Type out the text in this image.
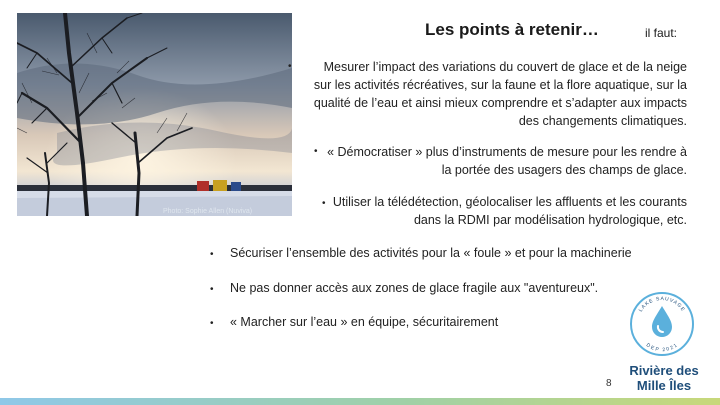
Photo: Sophie Allen (Nuviva)
Les points à retenir…	il faut:
•	Mesurer l’impact des variations du couvert de glace et de la neige sur les activités récréatives, sur la faune et la flore aquatique, sur la qualité de l’eau et ainsi mieux comprendre et s’adapter aux impacts des changements climatiques.
• « Démocratiser » plus d’instruments de mesure pour les rendre à la portée des usagers des champs de glace.
• Utiliser la télédétection, géolocaliser les affluents et les courants dans la RDMI par modélisation hydrologique, etc.
• Sécuriser l’ensemble des activités pour la « foule » et pour la machinerie
• Ne pas donner accès aux zones de glace fragile aux "aventureux".
• « Marcher sur l’eau » en équipe, sécuritairement
LAKE SAUVAGE
DEP 2021
Rivière des
Mille Îles
8
